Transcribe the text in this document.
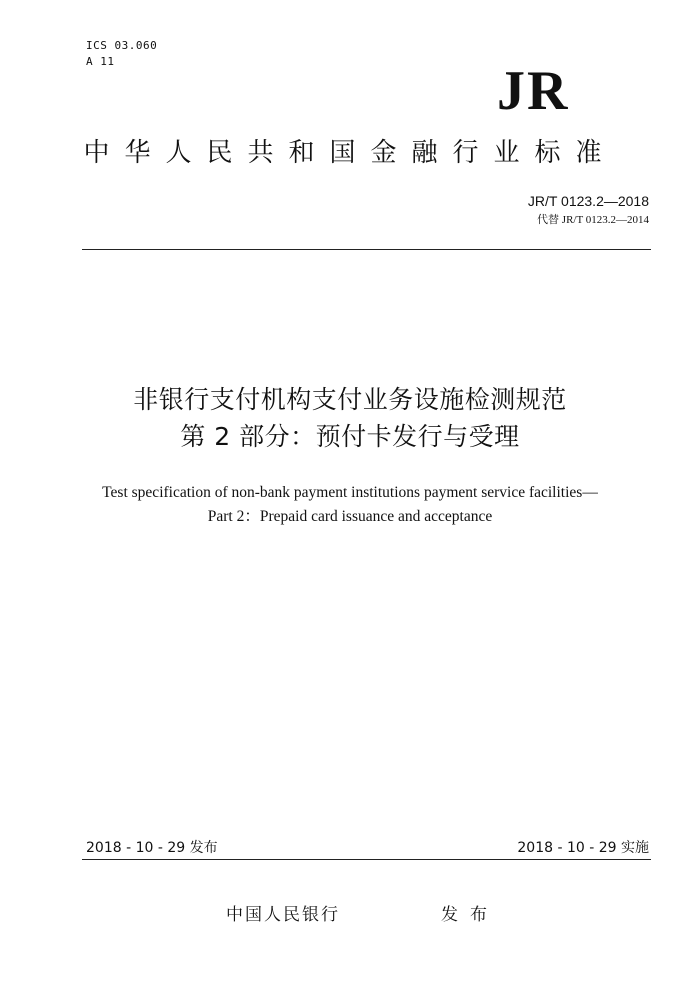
ICS 03.060
A 11	JR
中华人民共和国金融行业标准
JR/T 0123.2—2018
代替 JR/T 0123.2—2014
非银行支付机构支付业务设施检测规范
第 2 部分：预付卡发行与受理
Test specification of non-bank payment institutions payment service facilities—
Part 2：Prepaid card issuance and acceptance
2018 - 10 - 29 发布	2018 - 10 - 29 实施
中国人民银行	发布
